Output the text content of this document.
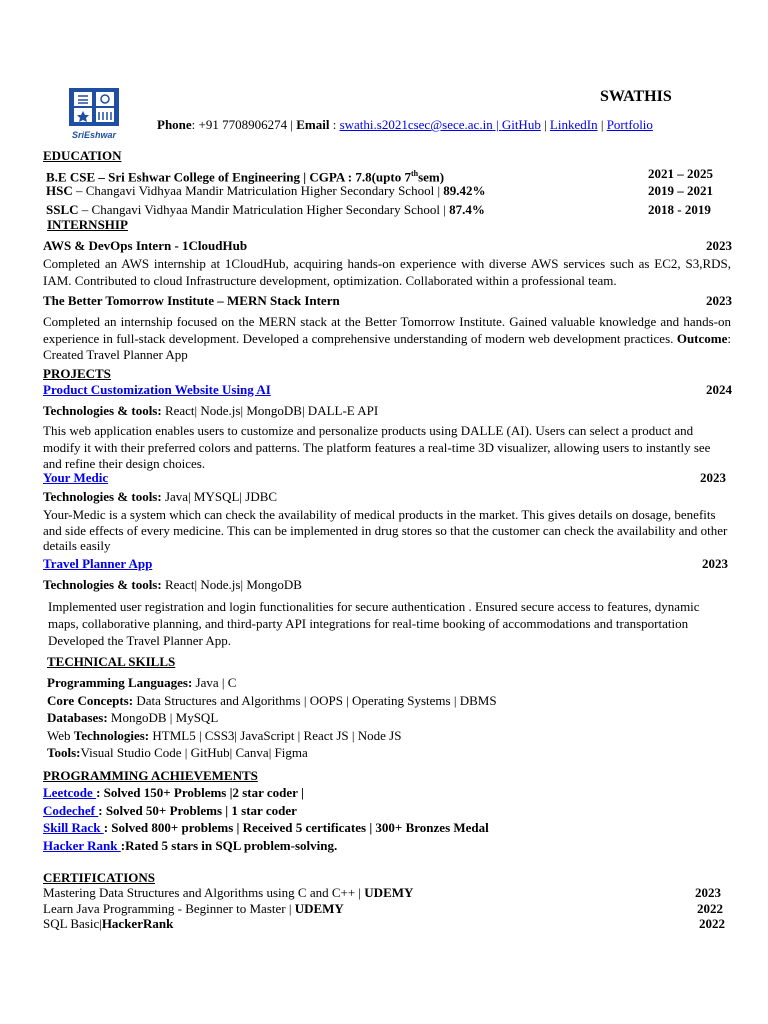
SriEshwar
SWATHIS
Phone: +91 7708906274 | Email : swathi.s2021csec@sece.ac.in | GitHub | LinkedIn | Portfolio
EDUCATION
B.E CSE – Sri Eshwar College of Engineering | CGPA : 7.8(upto 7thsem)	2021 – 2025
HSC – Changavi Vidhyaa Mandir Matriculation Higher Secondary School | 89.42%	2019 – 2021
SSLC – Changavi Vidhyaa Mandir Matriculation Higher Secondary School | 87.4%	2018 - 2019
INTERNSHIP
AWS & DevOps Intern - 1CloudHub	2023
Completed an AWS internship at 1CloudHub, acquiring hands-on experience with diverse AWS services such as EC2, S3,RDS, IAM. Contributed to cloud Infrastructure development, optimization. Collaborated within a professional team.
The Better Tomorrow Institute – MERN Stack Intern	2023
Completed an internship focused on the MERN stack at the Better Tomorrow Institute. Gained valuable knowledge and hands-on experience in full-stack development. Developed a comprehensive understanding of modern web development practices. Outcome: Created Travel Planner App
PROJECTS
Product Customization Website Using AI	2024
Technologies & tools: React| Node.js| MongoDB| DALL-E API
This web application enables users to customize and personalize products using DALLE (AI). Users can select a product and modify it with their preferred colors and patterns. The platform features a real-time 3D visualizer, allowing users to instantly see and refine their design choices.
Your Medic	2023
Technologies & tools: Java| MYSQL| JDBC
Your-Medic is a system which can check the availability of medical products in the market. This gives details on dosage, benefits and side effects of every medicine. This can be implemented in drug stores so that the customer can check the availability and other details easily
Travel Planner App	2023
Technologies & tools: React| Node.js| MongoDB
Implemented user registration and login functionalities for secure authentication . Ensured secure access to features, dynamic maps, collaborative planning, and third-party API integrations for real-time booking of accommodations and transportation Developed the Travel Planner App.
TECHNICAL SKILLS
Programming Languages: Java | C
Core Concepts: Data Structures and Algorithms | OOPS | Operating Systems | DBMS
Databases: MongoDB | MySQL
Web Technologies: HTML5 | CSS3| JavaScript | React JS | Node JS
Tools:Visual Studio Code | GitHub| Canva| Figma
PROGRAMMING ACHIEVEMENTS
Leetcode : Solved 150+ Problems |2 star coder |
Codechef : Solved 50+ Problems | 1 star coder
Skill Rack : Solved 800+ problems | Received 5 certificates | 300+ Bronzes Medal
Hacker Rank :Rated 5 stars in SQL problem-solving.
CERTIFICATIONS
Mastering Data Structures and Algorithms using C and C++ | UDEMY	2023
Learn Java Programming - Beginner to Master | UDEMY	2022
SQL Basic|HackerRank	2022
